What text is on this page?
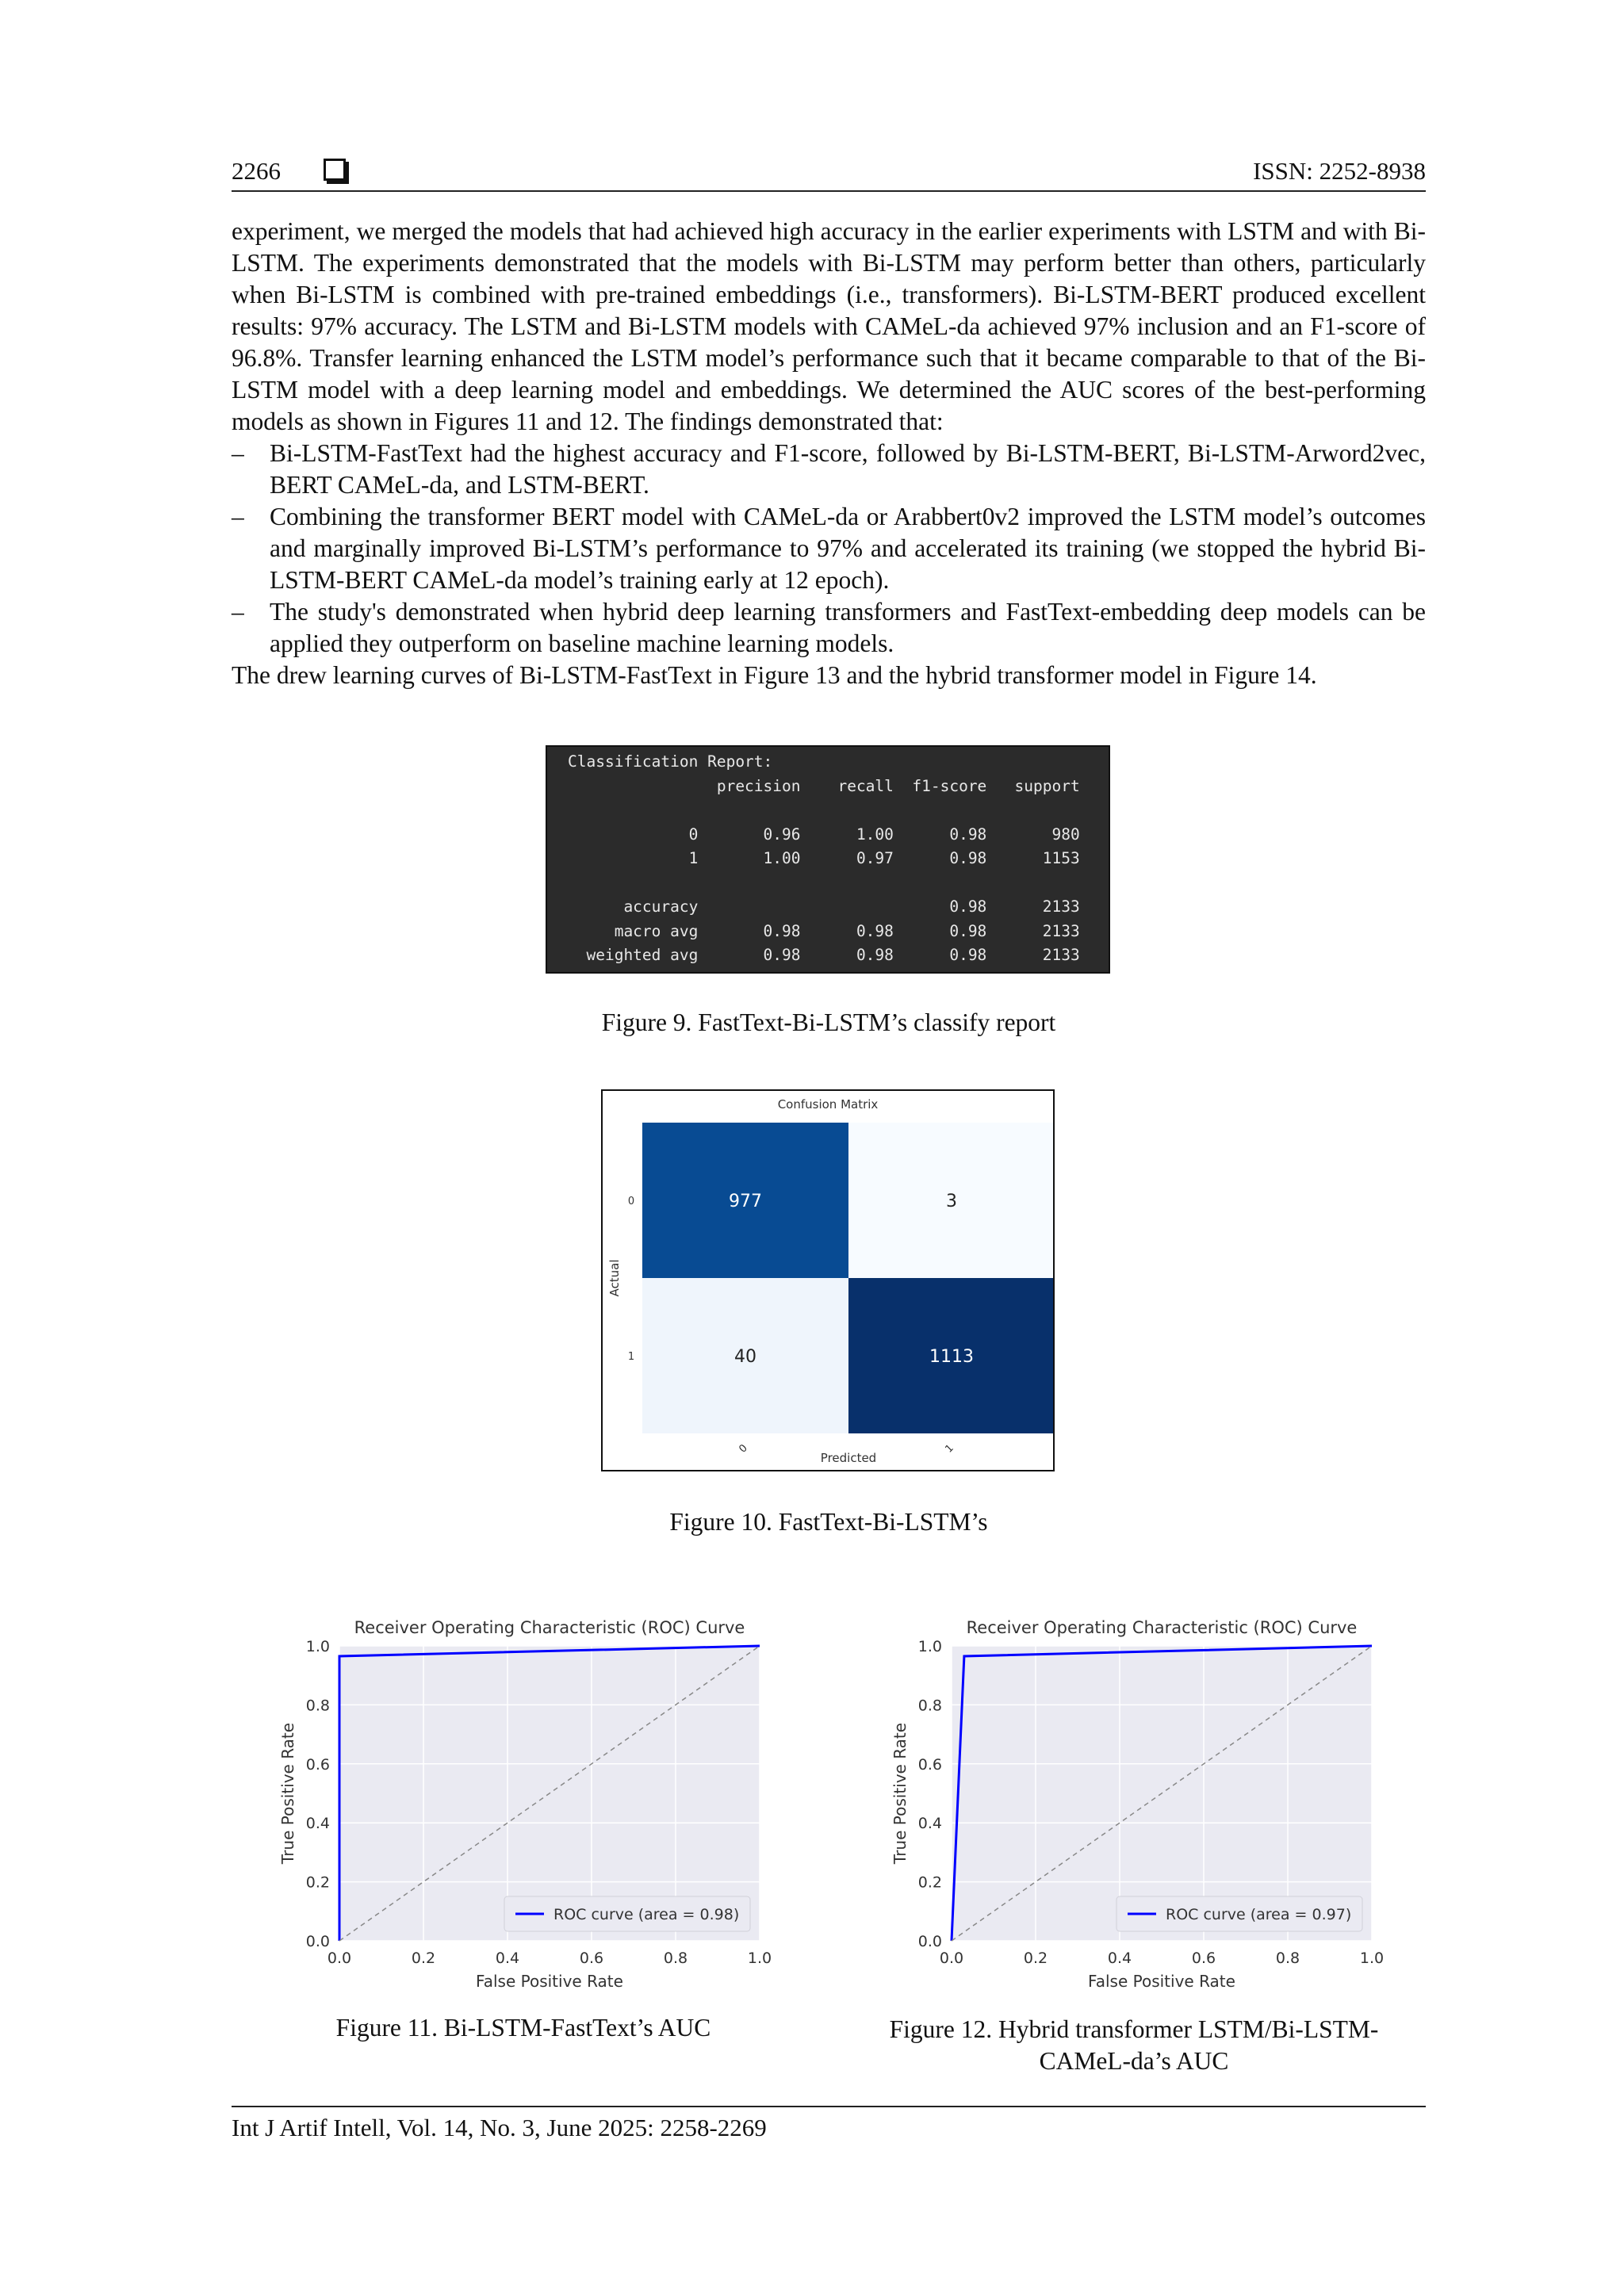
2266	ISSN: 2252-8938

experiment, we merged the models that had achieved high accuracy in the earlier experiments with LSTM and with Bi-LSTM. The experiments demonstrated that the models with Bi-LSTM may perform better than others, particularly when Bi-LSTM is combined with pre-trained embeddings (i.e., transformers). Bi-LSTM-BERT produced excellent results: 97% accuracy. The LSTM and Bi-LSTM models with CAMeL-da achieved 97% inclusion and an F1-score of 96.8%. Transfer learning enhanced the LSTM model’s performance such that it became comparable to that of the Bi-LSTM model with a deep learning model and embeddings. We determined the AUC scores of the best-performing models as shown in Figures 11 and 12. The findings demonstrated that:

– Bi-LSTM-FastText had the highest accuracy and F1-score, followed by Bi-LSTM-BERT, Bi-LSTM-Arword2vec, BERT CAMeL-da, and LSTM-BERT.
– Combining the transformer BERT model with CAMeL-da or Arabbert0v2 improved the LSTM model’s outcomes and marginally improved Bi-LSTM’s performance to 97% and accelerated its training (we stopped the hybrid Bi-LSTM-BERT CAMeL-da model’s training early at 12 epoch).
– The study's demonstrated when hybrid deep learning transformers and FastText-embedding deep models can be applied they outperform on baseline machine learning models.

The drew learning curves of Bi-LSTM-FastText in Figure 13 and the hybrid transformer model in Figure 14.

Classification Report:
precision    recall  f1-score   support

0       0.96      1.00      0.98       980
1       1.00      0.97      0.98      1153

accuracy                           0.98      2133
macro avg       0.98      0.98      0.98      2133
weighted avg       0.98      0.98      0.98      2133
Figure 9. FastText-Bi-LSTM’s classify report
Confusion Matrix
977	3
40	1113
0
1
0	1
Predicted
Actual
Figure 10. FastText-Bi-LSTM’s
0.0	0.2	0.4	0.6	0.8	1.0
0.0
0.2
0.4
0.6
0.8
1.0
ROC curve (area = 0.98)
Receiver Operating Characteristic (ROC) Curve
False Positive Rate
True Positive Rate
0.0	0.2	0.4	0.6	0.8	1.0
0.0
0.2
0.4
0.6
0.8
1.0
ROC curve (area = 0.97)
Receiver Operating Characteristic (ROC) Curve
False Positive Rate
True Positive Rate
Figure 11. Bi-LSTM-FastText’s AUC	Figure 12. Hybrid transformer LSTM/Bi-LSTM-
CAMeL-da’s AUC
Int J Artif Intell, Vol. 14, No. 3, June 2025: 2258-2269
